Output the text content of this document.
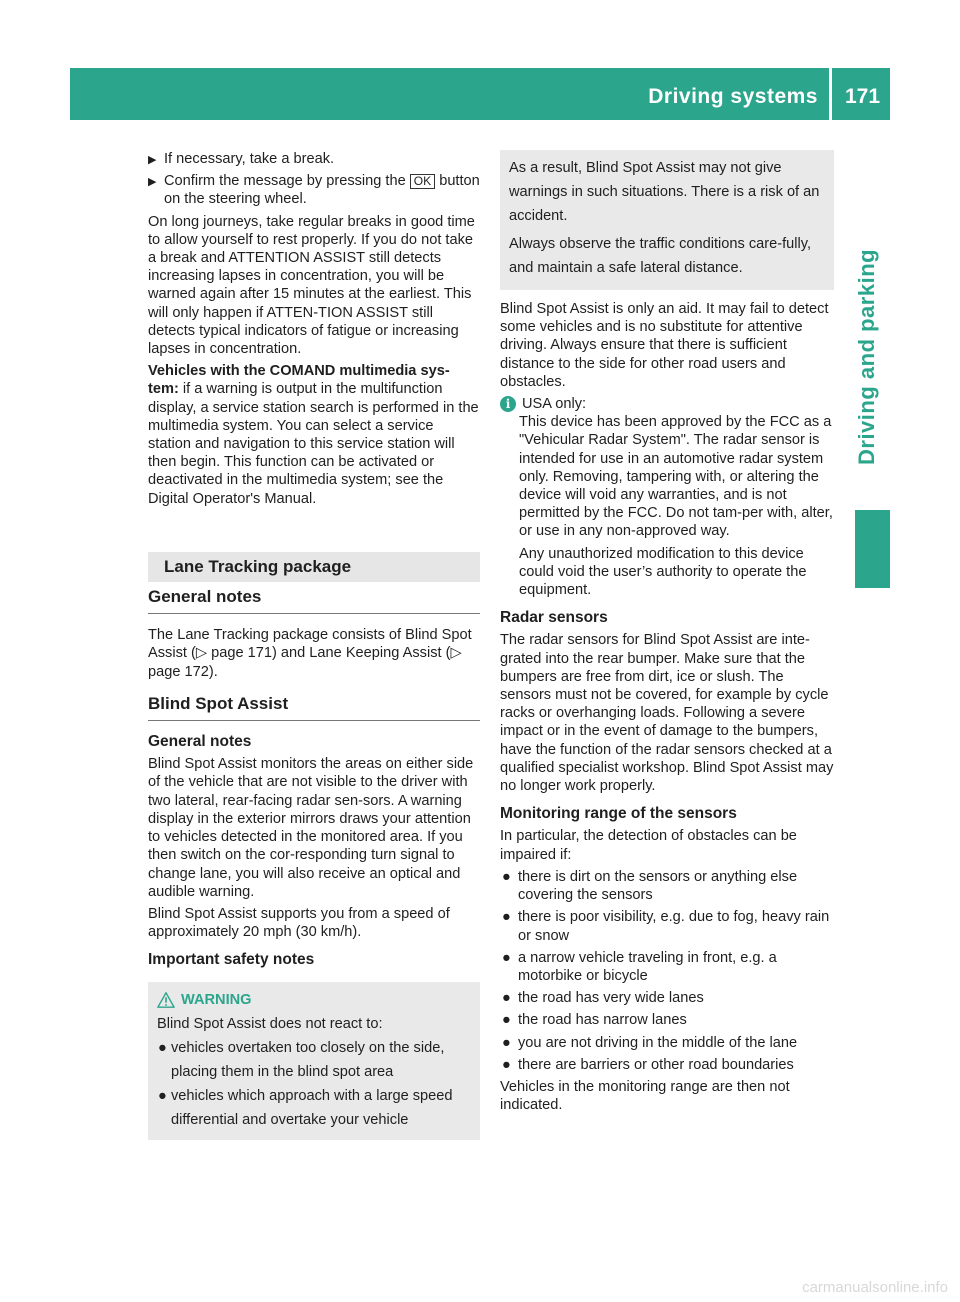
Driving systems 171
Driving and parking
▶ If necessary, take a break.
▶ Confirm the message by pressing the OK button on the steering wheel.

On long journeys, take regular breaks in good time to allow yourself to rest properly. If you do not take a break and ATTENTION ASSIST still detects increasing lapses in concentration, you will be warned again after 15 minutes at the earliest. This will only happen if ATTEN-TION ASSIST still detects typical indicators of fatigue or increasing lapses in concentration.

Vehicles with the COMAND multimedia sys-tem: if a warning is output in the multifunction display, a service station search is performed in the multimedia system. You can select a service station and navigation to this service station will then begin. This function can be activated or deactivated in the multimedia system; see the Digital Operator's Manual.

Lane Tracking package
General notes

The Lane Tracking package consists of Blind Spot Assist (▷ page 171) and Lane Keeping Assist (▷ page 172).

Blind Spot Assist
General notes

Blind Spot Assist monitors the areas on either side of the vehicle that are not visible to the driver with two lateral, rear-facing radar sen-sors. A warning display in the exterior mirrors draws your attention to vehicles detected in the monitored area. If you then switch on the cor-responding turn signal to change lane, you will also receive an optical and audible warning.

Blind Spot Assist supports you from a speed of approximately 20 mph (30 km/h).

Important safety notes
WARNING
Blind Spot Assist does not react to:
● vehicles overtaken too closely on the side, placing them in the blind spot area
● vehicles which approach with a large speed differential and overtake your vehicle
As a result, Blind Spot Assist may not give warnings in such situations. There is a risk of an accident.
Always observe the traffic conditions care-fully, and maintain a safe lateral distance.

Blind Spot Assist is only an aid. It may fail to detect some vehicles and is no substitute for attentive driving. Always ensure that there is sufficient distance to the side for other road users and obstacles.

i USA only:

This device has been approved by the FCC as a "Vehicular Radar System". The radar sensor is intended for use in an automotive radar system only. Removing, tampering with, or altering the device will void any warranties, and is not permitted by the FCC. Do not tam-per with, alter, or use in any non-approved way.

Any unauthorized modification to this device could void the user’s authority to operate the equipment.

Radar sensors

The radar sensors for Blind Spot Assist are inte-grated into the rear bumper. Make sure that the bumpers are free from dirt, ice or slush. The sensors must not be covered, for example by cycle racks or overhanging loads. Following a severe impact or in the event of damage to the bumpers, have the function of the radar sensors checked at a qualified specialist workshop. Blind Spot Assist may no longer work properly.

Monitoring range of the sensors

In particular, the detection of obstacles can be impaired if:

● there is dirt on the sensors or anything else covering the sensors
● there is poor visibility, e.g. due to fog, heavy rain or snow
● a narrow vehicle traveling in front, e.g. a motorbike or bicycle
● the road has very wide lanes
● the road has narrow lanes
● you are not driving in the middle of the lane
● there are barriers or other road boundaries

Vehicles in the monitoring range are then not indicated.

carmanualsonline.info
